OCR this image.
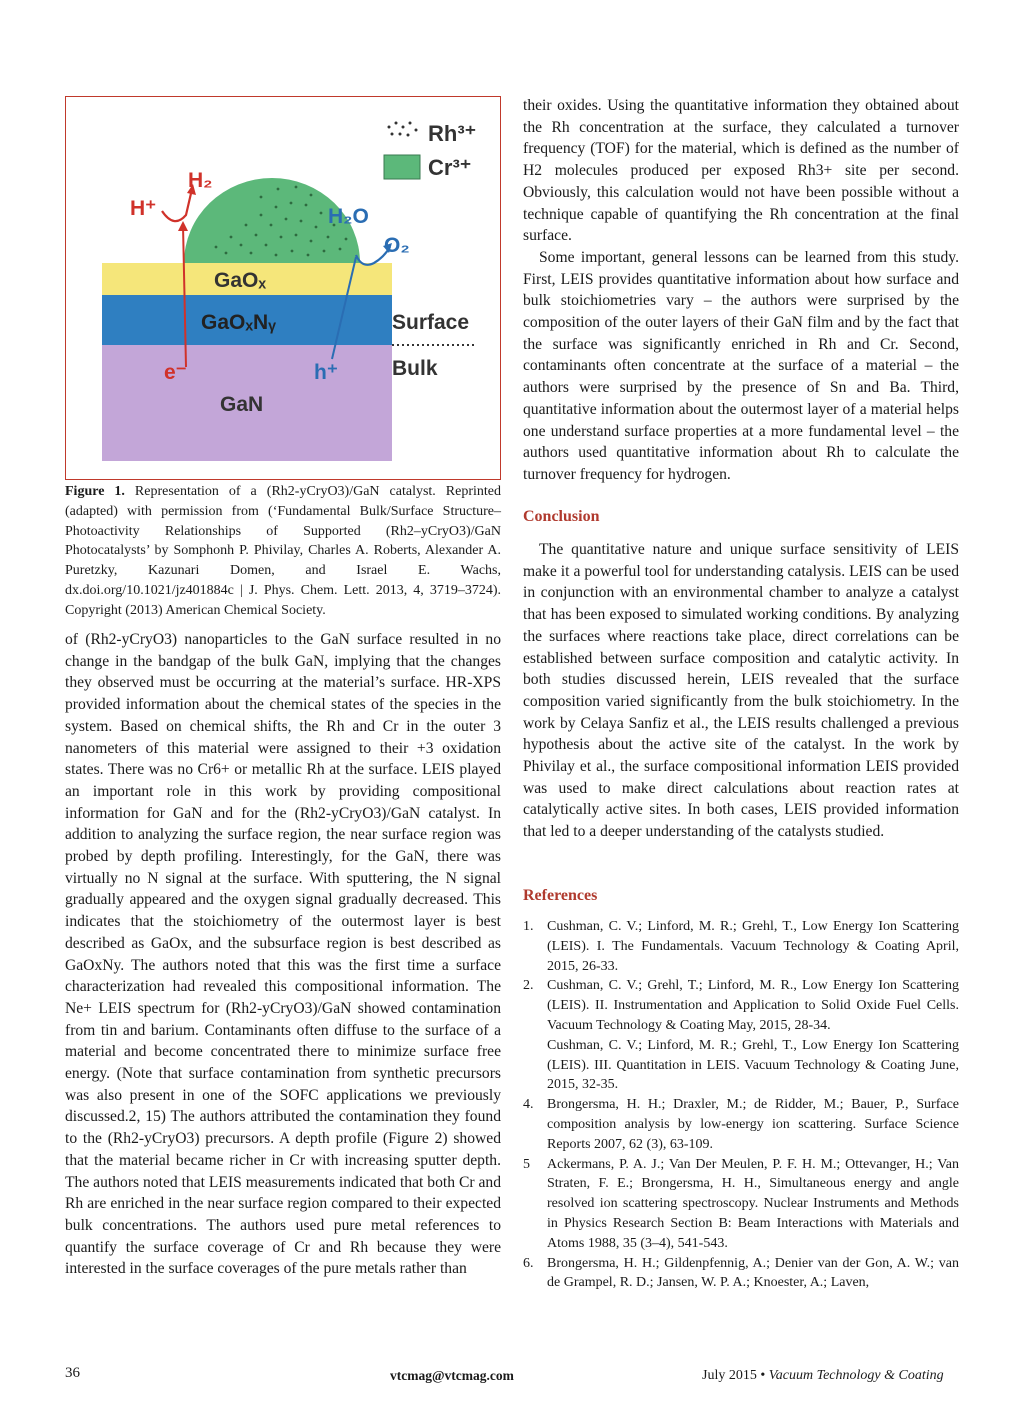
Rh³⁺
Cr³⁺
H₂
H⁺	H₂O
O₂
GaOₓ
GaOₓNᵧ	Surface
Bulk
e⁻	h⁺
GaN

Figure 1. Representation of a (Rh2-yCryO3)/GaN catalyst. Reprinted (adapted) with permission from (‘Fundamental Bulk/Surface Structure–Photoactivity Relationships of Supported (Rh2–yCryO3)/GaN Photocatalysts’ by Somphonh P. Phivilay, Charles A. Roberts, Alexander A. Puretzky, Kazunari Domen, and Israel E. Wachs, dx.doi.org/10.1021/jz401884c | J. Phys. Chem. Lett. 2013, 4, 3719–3724). Copyright (2013) American Chemical Society.

of (Rh2-yCryO3) nanoparticles to the GaN surface resulted in no change in the bandgap of the bulk GaN, implying that the changes they observed must be occurring at the material’s surface. HR-XPS provided information about the chemical states of the species in the system. Based on chemical shifts, the Rh and Cr in the outer 3 nanometers of this material were assigned to their +3 oxidation states. There was no Cr6+ or metallic Rh at the surface. LEIS played an important role in this work by providing compositional information for GaN and for the (Rh2-yCryO3)/GaN catalyst. In addition to analyzing the surface region, the near surface region was probed by depth profiling. Interestingly, for the GaN, there was virtually no N signal at the surface. With sputtering, the N signal gradually appeared and the oxygen signal gradually decreased. This indicates that the stoichiometry of the outermost layer is best described as GaOx, and the subsurface region is best described as GaOxNy. The authors noted that this was the first time a surface characterization had revealed this compositional information. The Ne+ LEIS spectrum for (Rh2-yCryO3)/GaN showed contamination from tin and barium. Contaminants often diffuse to the surface of a material and become concentrated there to minimize surface free energy. (Note that surface contamination from synthetic precursors was also present in one of the SOFC applications we previously discussed.2, 15) The authors attributed the contamination they found to the (Rh2-yCryO3) precursors. A depth profile (Figure 2) showed that the material became richer in Cr with increasing sputter depth. The authors noted that LEIS measurements indicated that both Cr and Rh are enriched in the near surface region compared to their expected bulk concentrations. The authors used pure metal references to quantify the surface coverage of Cr and Rh because they were interested in the surface coverages of the pure metals rather than

their oxides. Using the quantitative information they obtained about the Rh concentration at the surface, they calculated a turnover frequency (TOF) for the material, which is defined as the number of H2 molecules produced per exposed Rh3+ site per second. Obviously, this calculation would not have been possible without a technique capable of quantifying the Rh concentration at the final surface.

Some important, general lessons can be learned from this study. First, LEIS provides quantitative information about how surface and bulk stoichiometries vary – the authors were surprised by the composition of the outer layers of their GaN film and by the fact that the surface was significantly enriched in Rh and Cr. Second, contaminants often concentrate at the surface of a material – the authors were surprised by the presence of Sn and Ba. Third, quantitative information about the outermost layer of a material helps one understand surface properties at a more fundamental level – the authors used quantitative information about Rh to calculate the turnover frequency for hydrogen.

Conclusion

The quantitative nature and unique surface sensitivity of LEIS make it a powerful tool for understanding catalysis. LEIS can be used in conjunction with an environmental chamber to analyze a catalyst that has been exposed to simulated working conditions. By analyzing the surfaces where reactions take place, direct correlations can be established between surface composition and catalytic activity. In both studies discussed herein, LEIS revealed that the surface composition varied significantly from the bulk stoichiometry. In the work by Celaya Sanfiz et al., the LEIS results challenged a previous hypothesis about the active site of the catalyst. In the work by Phivilay et al., the surface compositional information LEIS provided was used to make direct calculations about reaction rates at catalytically active sites. In both cases, LEIS provided information that led to a deeper understanding of the catalysts studied.

References
1. Cushman, C. V.; Linford, M. R.; Grehl, T., Low Energy Ion Scattering (LEIS). I. The Fundamentals. Vacuum Technology & Coating April, 2015, 26-33.
2. Cushman, C. V.; Grehl, T.; Linford, M. R., Low Energy Ion Scattering (LEIS). II. Instrumentation and Application to Solid Oxide Fuel Cells. Vacuum Technology & Coating May, 2015, 28-34.
Cushman, C. V.; Linford, M. R.; Grehl, T., Low Energy Ion Scattering (LEIS). III. Quantitation in LEIS. Vacuum Technology & Coating June, 2015, 32-35.
4. Brongersma, H. H.; Draxler, M.; de Ridder, M.; Bauer, P., Surface composition analysis by low-energy ion scattering. Surface Science Reports 2007, 62 (3), 63-109.
5	Ackermans, P. A. J.; Van Der Meulen, P. F. H. M.; Ottevanger, H.; Van Straten, F. E.; Brongersma, H. H., Simultaneous energy and angle resolved ion scattering spectroscopy. Nuclear Instruments and Methods in Physics Research Section B: Beam Interactions with Materials and Atoms 1988, 35 (3–4), 541-543.
6. Brongersma, H. H.; Gildenpfennig, A.; Denier van der Gon, A. W.; van de Grampel, R. D.; Jansen, W. P. A.; Knoester, A.; Laven,
36	vtcmag@vtcmag.com	July 2015 • Vacuum Technology & Coating
